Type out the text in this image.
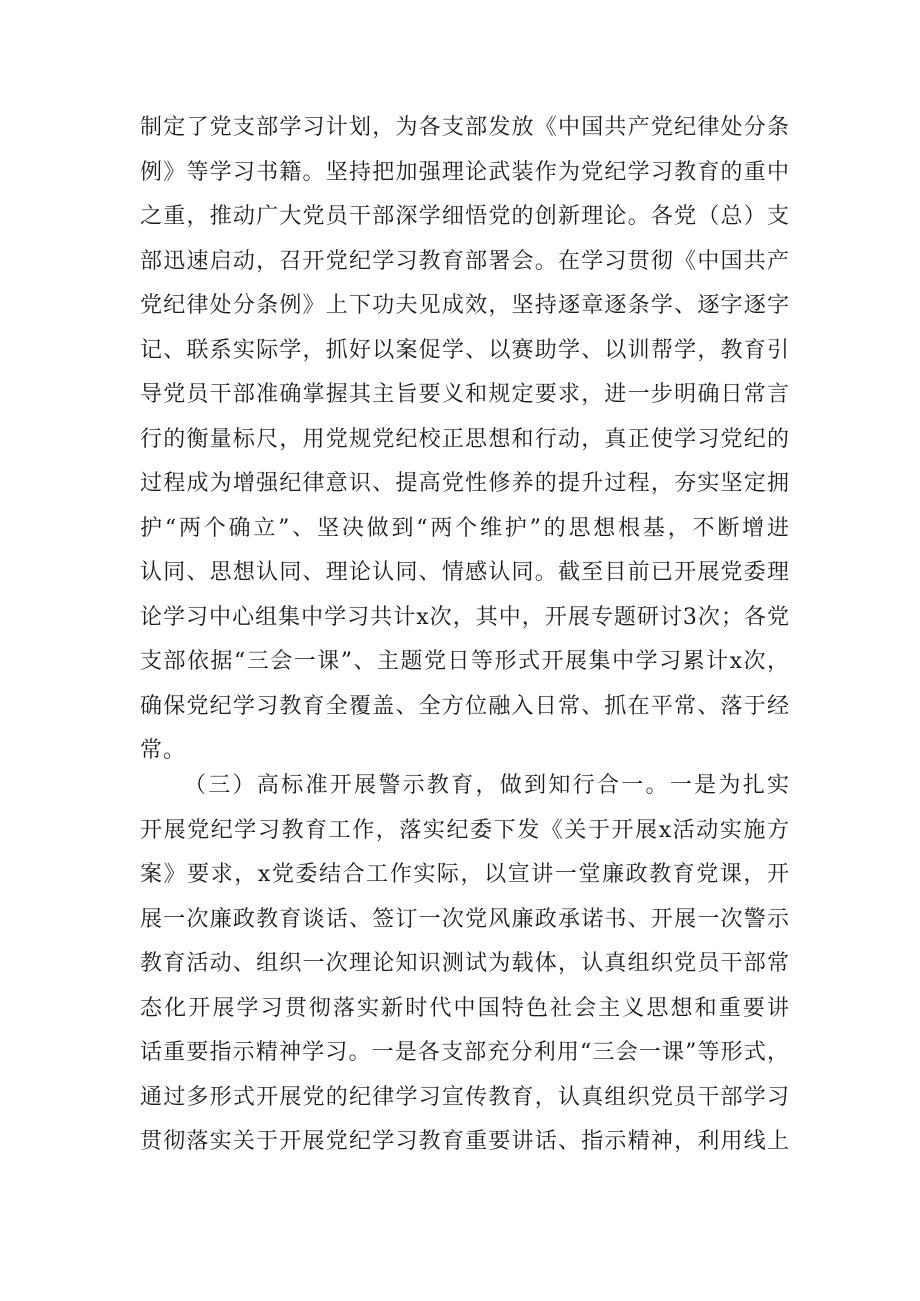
制定了党支部学习计划，为各支部发放《中国共产党纪律处分条
例》等学习书籍。坚持把加强理论武装作为党纪学习教育的重中
之重，推动广大党员干部深学细悟党的创新理论。各党（总）支
部迅速启动，召开党纪学习教育部署会。在学习贯彻《中国共产
党纪律处分条例》上下功夫见成效，坚持逐章逐条学、逐字逐字
记、联系实际学，抓好以案促学、以赛助学、以训帮学，教育引
导党员干部准确掌握其主旨要义和规定要求，进一步明确日常言
行的衡量标尺，用党规党纪校正思想和行动，真正使学习党纪的
过程成为增强纪律意识、提高党性修养的提升过程，夯实坚定拥
护“两个确立”、坚决做到“两个维护”的思想根基，不断增进
认同、思想认同、理论认同、情感认同。截至目前已开展党委理
论学习中心组集中学习共计x次，其中，开展专题研讨3次；各党
支部依据“三会一课”、主题党日等形式开展集中学习累计x次，
确保党纪学习教育全覆盖、全方位融入日常、抓在平常、落于经
常。
（三）高标准开展警示教育，做到知行合一。一是为扎实
开展党纪学习教育工作，落实纪委下发《关于开展x活动实施方
案》要求，x党委结合工作实际，以宣讲一堂廉政教育党课，开
展一次廉政教育谈话、签订一次党风廉政承诺书、开展一次警示
教育活动、组织一次理论知识测试为载体，认真组织党员干部常
态化开展学习贯彻落实新时代中国特色社会主义思想和重要讲
话重要指示精神学习。一是各支部充分利用“三会一课”等形式，
通过多形式开展党的纪律学习宣传教育，认真组织党员干部学习
贯彻落实关于开展党纪学习教育重要讲话、指示精神，利用线上
